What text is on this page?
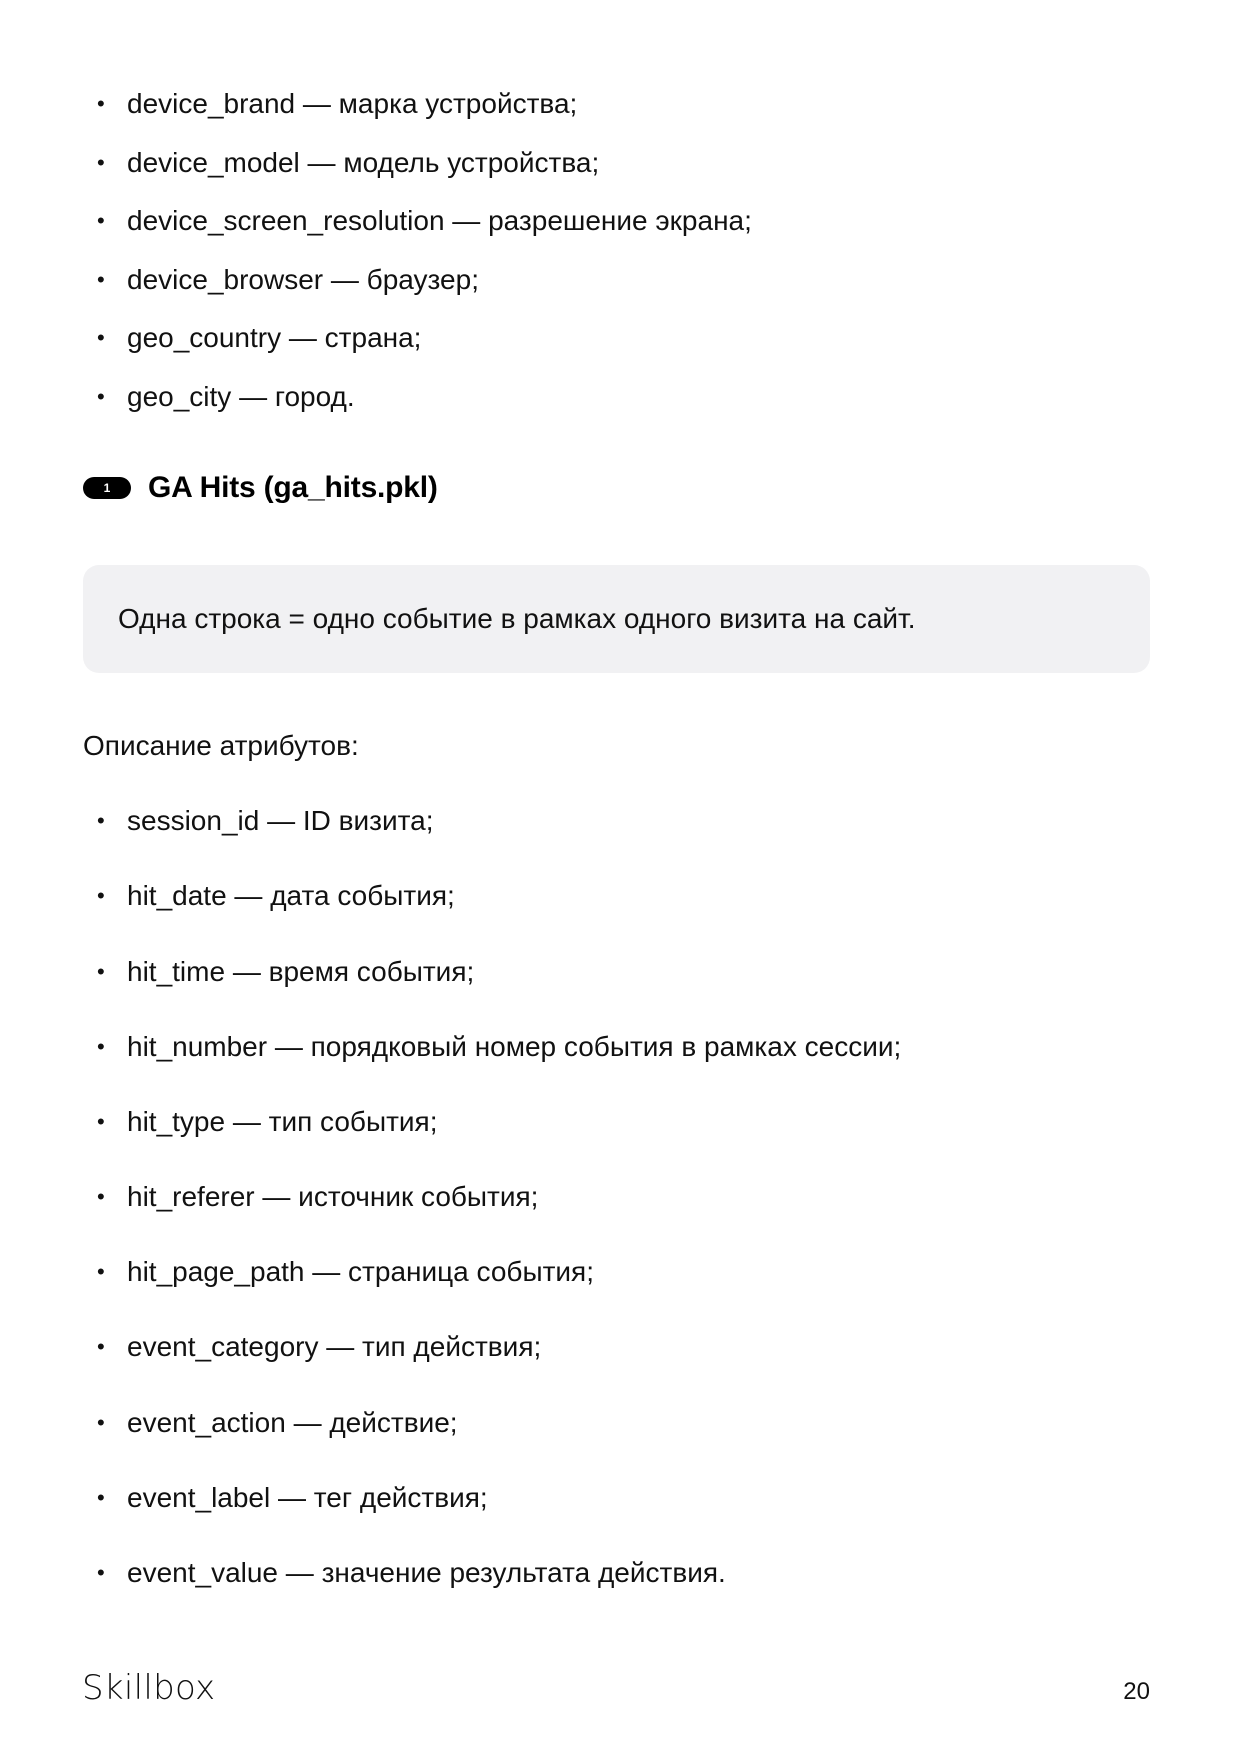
• device_brand — марка устройства;
• device_model — модель устройства;
• device_screen_resolution — разрешение экрана;
• device_browser — браузер;
• geo_country — страна;
• geo_city — город.
1	GA Hits (ga_hits.pkl)
Одна строка = одно событие в рамках одного визита на сайт.
Описание атрибутов:
• session_id — ID визита;
• hit_date — дата события;
• hit_time — время события;
• hit_number — порядковый номер события в рамках сессии;
• hit_type — тип события;
• hit_referer — источник события;
• hit_page_path — страница события;
• event_category — тип действия;
• event_action — действие;
• event_label — тег действия;
• event_value — значение результата действия.
Skillbox	20
